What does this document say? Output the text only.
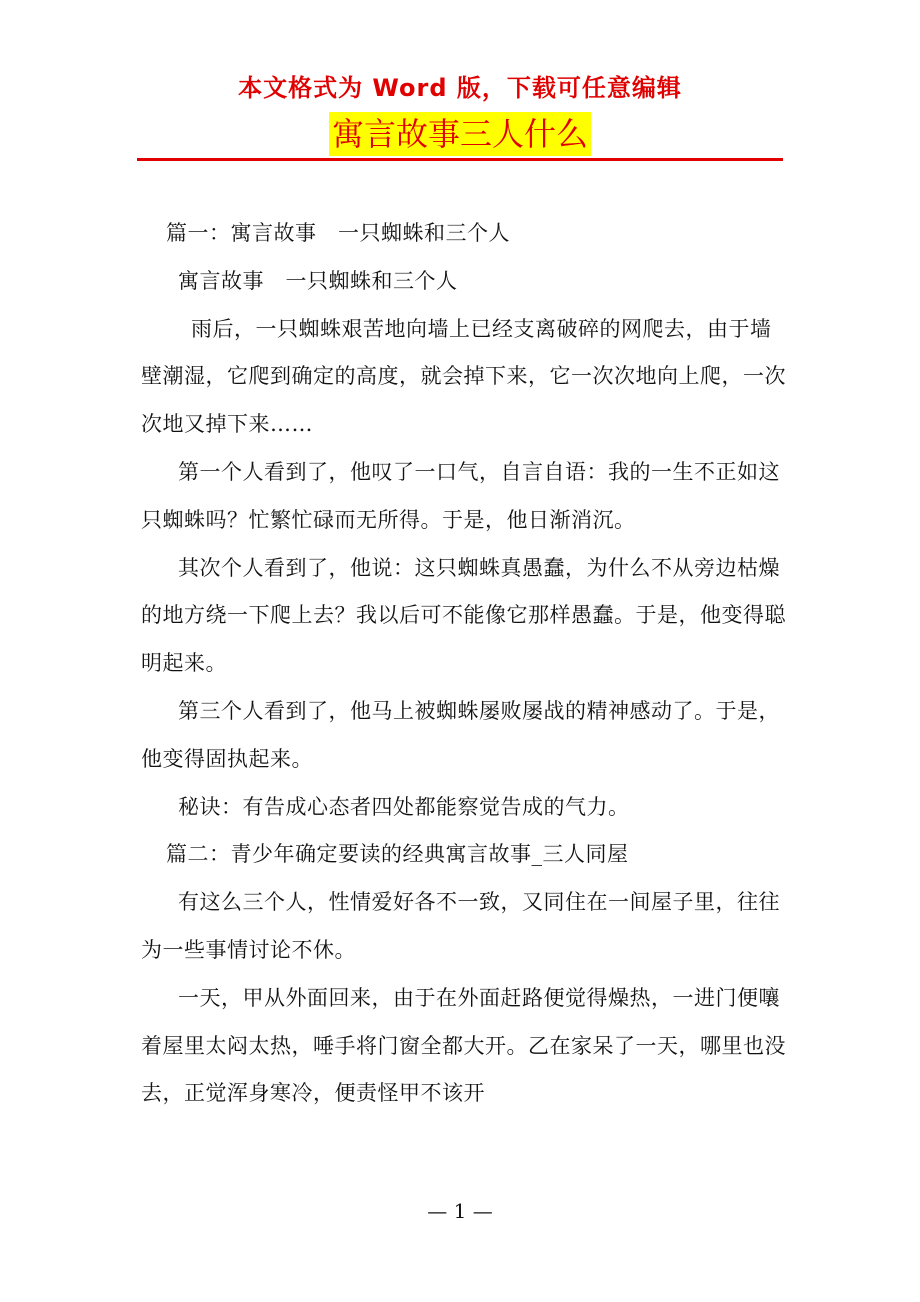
本文格式为 Word 版，下载可任意编辑
寓言故事三人什么

篇一：寓言故事　一只蜘蛛和三个人

寓言故事　一只蜘蛛和三个人

雨后，一只蜘蛛艰苦地向墙上已经支离破碎的网爬去，由于墙壁潮湿，它爬到确定的高度，就会掉下来，它一次次地向上爬，一次次地又掉下来……

第一个人看到了，他叹了一口气，自言自语：我的一生不正如这只蜘蛛吗？忙繁忙碌而无所得。于是，他日渐消沉。

其次个人看到了，他说：这只蜘蛛真愚蠢，为什么不从旁边枯燥的地方绕一下爬上去？我以后可不能像它那样愚蠢。于是，他变得聪明起来。

第三个人看到了，他马上被蜘蛛屡败屡战的精神感动了。于是，他变得固执起来。

秘诀：有告成心态者四处都能察觉告成的气力。

篇二：青少年确定要读的经典寓言故事_三人同屋

有这么三个人，性情爱好各不一致，又同住在一间屋子里，往往为一些事情讨论不休。

一天，甲从外面回来，由于在外面赶路便觉得燥热，一进门便嚷着屋里太闷太热，唾手将门窗全都大开。乙在家呆了一天，哪里也没去，正觉浑身寒冷，便责怪甲不该开

— 1 —
